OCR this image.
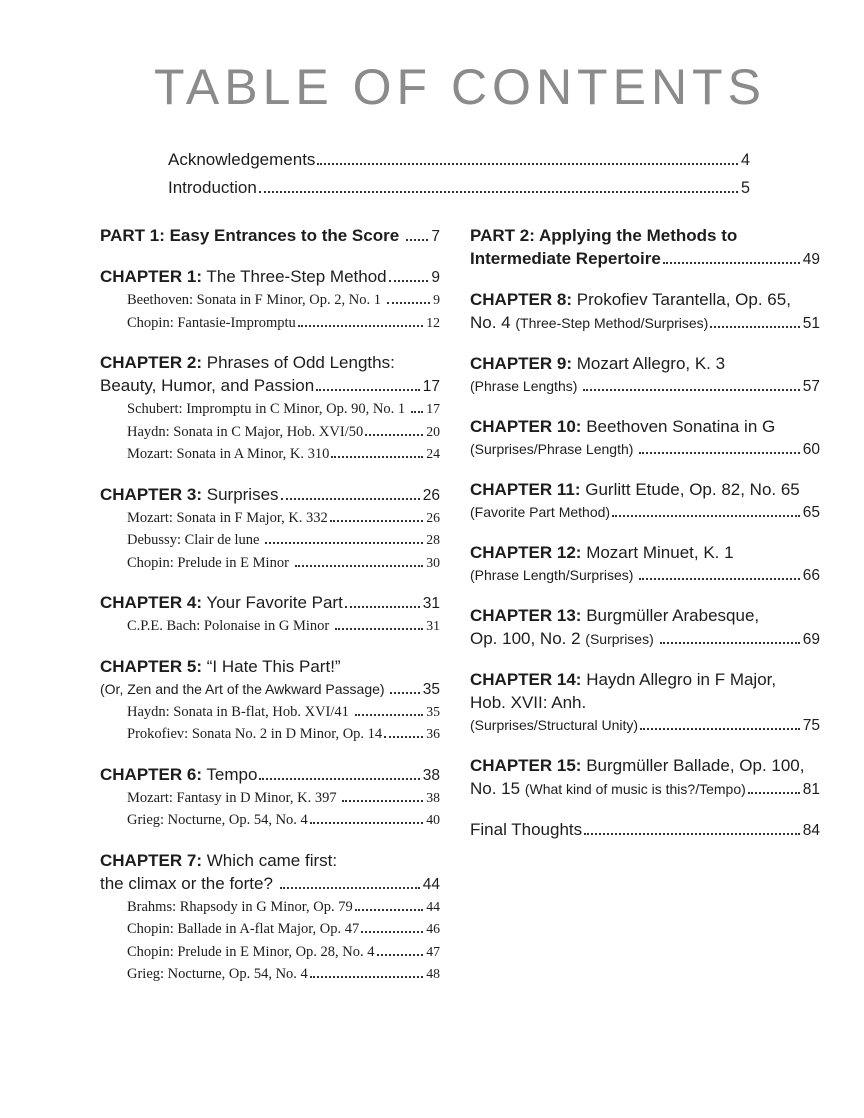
TABLE OF CONTENTS
Acknowledgements	4
Introduction	5
PART 1: Easy Entrances to the Score 7
CHAPTER 1: The Three-Step Method	9
Beethoven: Sonata in F Minor, Op. 2, No. 1	9
Chopin: Fantasie-Impromptu	12
CHAPTER 2: Phrases of Odd Lengths:
Beauty, Humor, and Passion	17
Schubert: Impromptu in C Minor, Op. 90, No. 1 17
Haydn: Sonata in C Major, Hob. XVI/50	20
Mozart: Sonata in A Minor, K. 310	24
CHAPTER 3: Surprises	26
Mozart: Sonata in F Major, K. 332	26
Debussy: Clair de lune	28
Chopin: Prelude in E Minor	30
CHAPTER 4: Your Favorite Part	31
C.P.E. Bach: Polonaise in G Minor	31
CHAPTER 5: “I Hate This Part!”
(Or, Zen and the Art of the Awkward Passage) 35
Haydn: Sonata in B-flat, Hob. XVI/41	35
Prokofiev: Sonata No. 2 in D Minor, Op. 14	36
CHAPTER 6: Tempo	38
Mozart: Fantasy in D Minor, K. 397	38
Grieg: Nocturne, Op. 54, No. 4	40
CHAPTER 7: Which came first:
the climax or the forte?	44
Brahms: Rhapsody in G Minor, Op. 79	44
Chopin: Ballade in A-flat Major, Op. 47	46
Chopin: Prelude in E Minor, Op. 28, No. 4	47
Grieg: Nocturne, Op. 54, No. 4	48
PART 2: Applying the Methods to
Intermediate Repertoire	49
CHAPTER 8: Prokofiev Tarantella, Op. 65,
No. 4 (Three-Step Method/Surprises)	51
CHAPTER 9: Mozart Allegro, K. 3
(Phrase Lengths)	57
CHAPTER 10: Beethoven Sonatina in G
(Surprises/Phrase Length)	60
CHAPTER 11: Gurlitt Etude, Op. 82, No. 65
(Favorite Part Method)	65
CHAPTER 12: Mozart Minuet, K. 1
(Phrase Length/Surprises)	66
CHAPTER 13: Burgmüller Arabesque,
Op. 100, No. 2 (Surprises)	69
CHAPTER 14: Haydn Allegro in F Major,
Hob. XVII: Anh.
(Surprises/Structural Unity)	75
CHAPTER 15: Burgmüller Ballade, Op. 100,
No. 15 (What kind of music is this?/Tempo)	81
Final Thoughts	84
